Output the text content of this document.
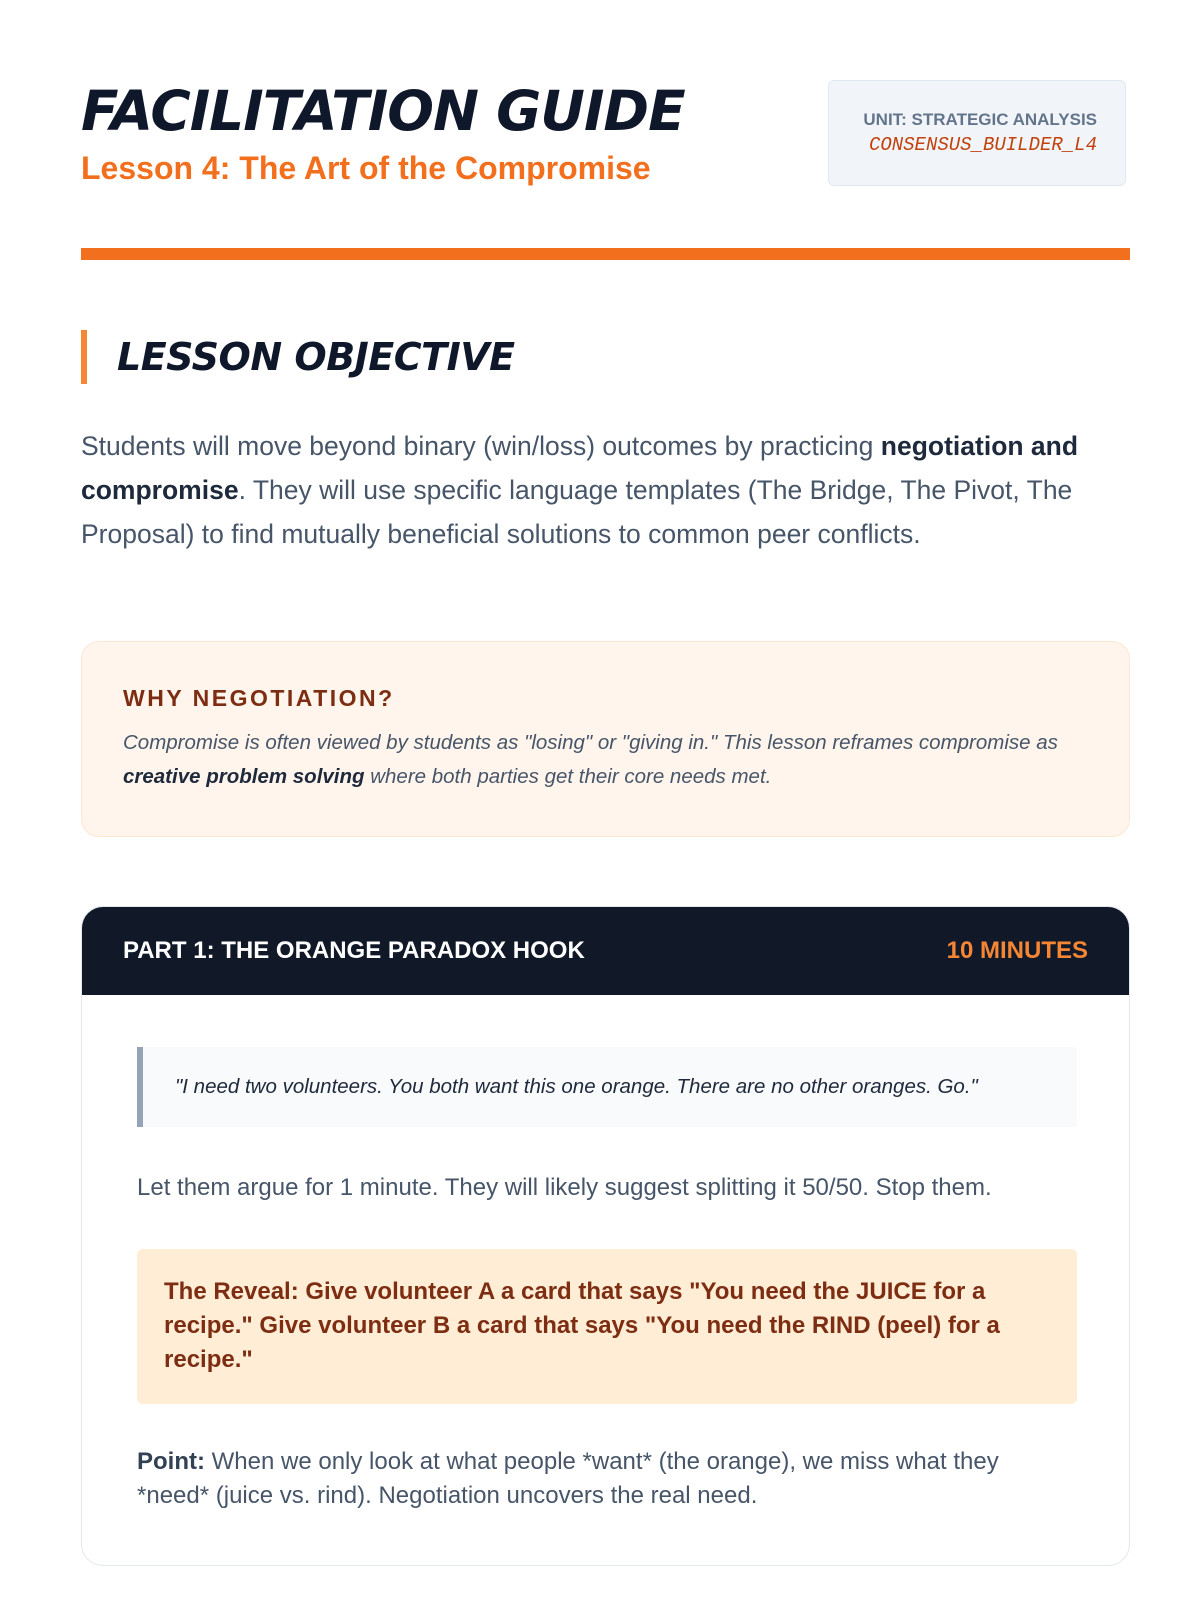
FACILITATION GUIDE
Lesson 4: The Art of the Compromise
UNIT: STRATEGIC ANALYSIS
CONSENSUS_BUILDER_L4
LESSON OBJECTIVE
Students will move beyond binary (win/loss) outcomes by practicing negotiation and compromise. They will use specific language templates (The Bridge, The Pivot, The Proposal) to find mutually beneficial solutions to common peer conflicts.
WHY NEGOTIATION?
Compromise is often viewed by students as "losing" or "giving in." This lesson reframes compromise as creative problem solving where both parties get their core needs met.
PART 1: THE ORANGE PARADOX HOOK	10 MINUTES
"I need two volunteers. You both want this one orange. There are no other oranges. Go."
Let them argue for 1 minute. They will likely suggest splitting it 50/50. Stop them.
The Reveal: Give volunteer A a card that says "You need the JUICE for a recipe." Give volunteer B a card that says "You need the RIND (peel) for a recipe."
Point: When we only look at what people *want* (the orange), we miss what they *need* (juice vs. rind). Negotiation uncovers the real need.
